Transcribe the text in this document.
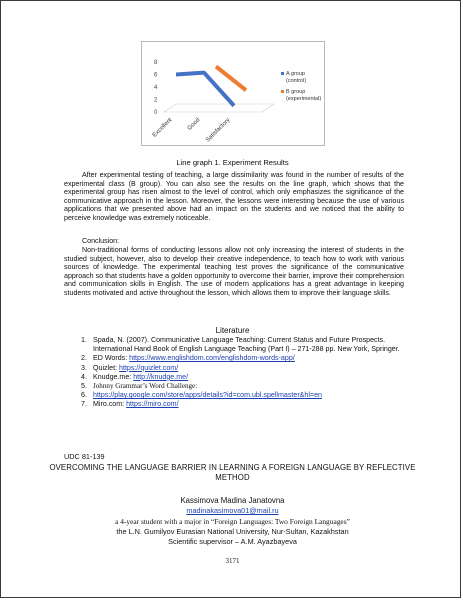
0
2
4
6
8
Excellent Good Satisfactory
A group
(control)
B group
(experimental)
Line graph 1. Experiment Results

After experimental testing of teaching, a large dissimilarity was found in the number of results of the experimental class (B group). You can also see the results on the line graph, which shows that the experimental group has risen almost to the level of control, which only emphasizes the significance of the communicative approach in the lesson. Moreover, the lessons were interesting because the use of various applications that we presented above had an impact on the students and we noticed that the ability to perceive knowledge was extremely noticeable.

Conclusion:

Non-traditional forms of conducting lessons allow not only increasing the interest of students in the studied subject, however, also to develop their creative independence, to teach how to work with various sources of knowledge. The experimental teaching test proves the significance of the communicative approach so that students have a golden opportunity to overcome their barrier, improve their comprehension and communication skills in English. The use of modern applications has a great advantage in keeping students motivated and active throughout the lesson, which allows them to improve their language skills.

Literature
1. Spada, N. (2007). Communicative Language Teaching: Current Status and Future Prospects. International Hand Book of English Language Teaching (Part I) – 271-288 pp. New York, Springer.
2. ED Words: https://www.englishdom.com/englishdom-words-app/
3. Quizlet: https://quizlet.com/
4. Knudge.me: http://knudge.me/
5. Johnny Grammar’s Word Challenge:
6. https://play.google.com/store/apps/details?id=com.ubl.spellmaster&hl=en
7. Miro.com: https://miro.com/
UDC 81-139
OVERCOMING THE LANGUAGE BARRIER IN LEARNING A FOREIGN LANGUAGE BY REFLECTIVE METHOD
Kassimova Madina Janatovna
madinakasimova01@mail.ru
a 4-year student with a major in “Foreign Languages: Two Foreign Languages”
the L.N. Gumilyov Eurasian National University, Nur-Sultan, Kazakhstan
Scientific supervisor – A.M. Ayazbayeva
3171
